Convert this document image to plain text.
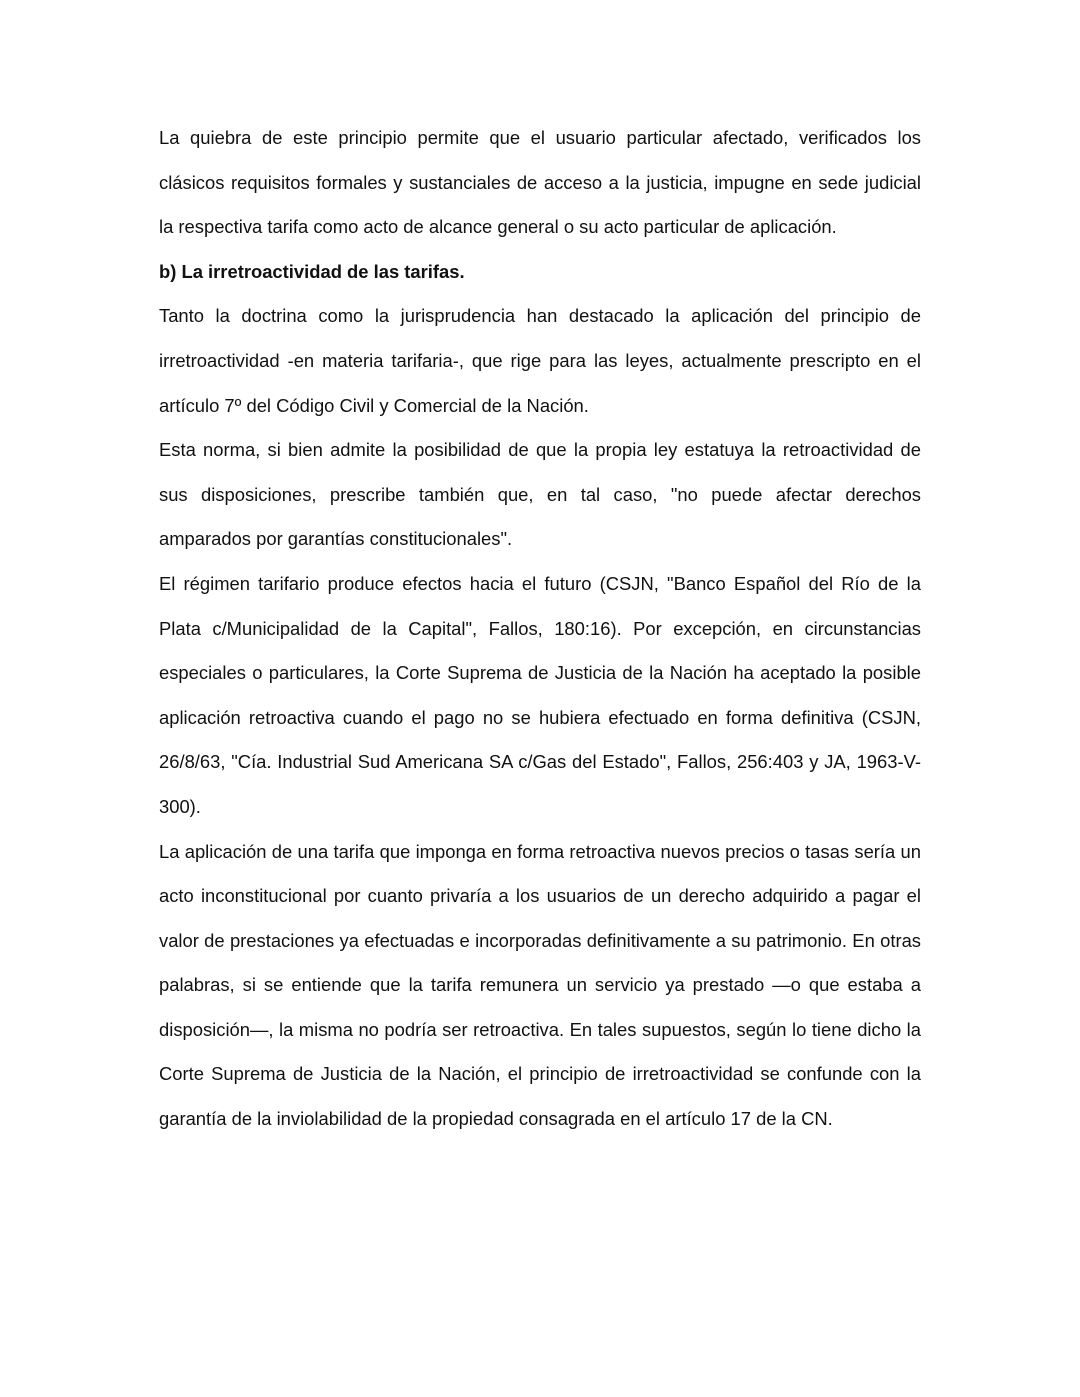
La quiebra de este principio permite que el usuario particular afectado, verificados los clásicos requisitos formales y sustanciales de acceso a la justicia, impugne en sede judicial la respectiva tarifa como acto de alcance general o su acto particular de aplicación.

b) La irretroactividad de las tarifas.

Tanto la doctrina como la jurisprudencia han destacado la aplicación del principio de irretroactividad -en materia tarifaria-, que rige para las leyes, actualmente prescripto en el artículo 7º del Código Civil y Comercial de la Nación.

Esta norma, si bien admite la posibilidad de que la propia ley estatuya la retroactividad de sus disposiciones, prescribe también que, en tal caso, "no puede afectar derechos amparados por garantías constitucionales".

El régimen tarifario produce efectos hacia el futuro (CSJN, "Banco Español del Río de la Plata c/Municipalidad de la Capital", Fallos, 180:16). Por excepción, en circunstancias especiales o particulares, la Corte Suprema de Justicia de la Nación ha aceptado la posible aplicación retroactiva cuando el pago no se hubiera efectuado en forma definitiva (CSJN, 26/8/63, "Cía. Industrial Sud Americana SA c/Gas del Estado", Fallos, 256:403 y JA, 1963-V-300).

La aplicación de una tarifa que imponga en forma retroactiva nuevos precios o tasas sería un acto inconstitucional por cuanto privaría a los usuarios de un derecho adquirido a pagar el valor de prestaciones ya efectuadas e incorporadas definitivamente a su patrimonio. En otras palabras, si se entiende que la tarifa remunera un servicio ya prestado —o que estaba a disposición—, la misma no podría ser retroactiva. En tales supuestos, según lo tiene dicho la Corte Suprema de Justicia de la Nación, el principio de irretroactividad se confunde con la garantía de la inviolabilidad de la propiedad consagrada en el artículo 17 de la CN.
